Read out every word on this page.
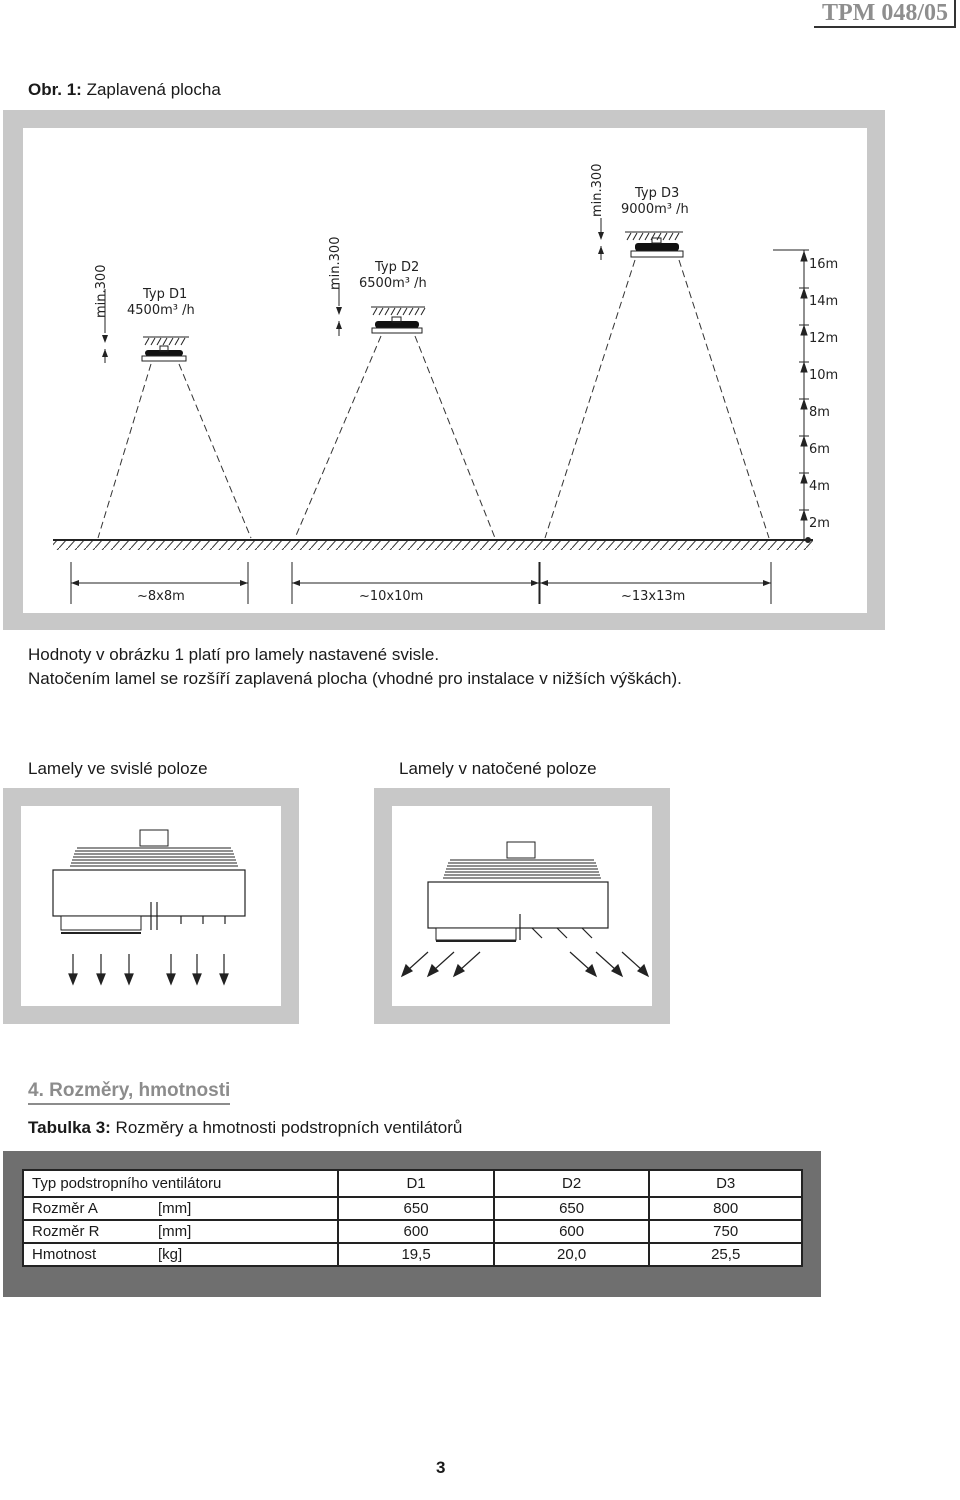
TPM 048/05
Obr. 1: Zaplavená plocha
min.300	Typ D1
4500m³ /h
min.300 Typ D2
6500m³ /h
min.300 Typ D3
9000m³ /h
16m
14m
12m
10m
8m
6m
4m
2m
~8x8m	~10x10m	~13x13m
Hodnoty v obrázku 1 platí pro lamely nastavené svisle.
Natočením lamel se rozšíří zaplavená plocha (vhodné pro instalace v nižších výškách).
Lamely ve svislé poloze	Lamely v natočené poloze
4. Rozměry, hmotnosti
Tabulka 3: Rozměry a hmotnosti podstropních ventilátorů
Typ podstropního ventilátoru	D1	D2	D3
Rozměr A [mm]	650	650	800
Rozměr R [mm]	600	600	750
Hmotnost [kg]	19,5	20,0	25,5
3
